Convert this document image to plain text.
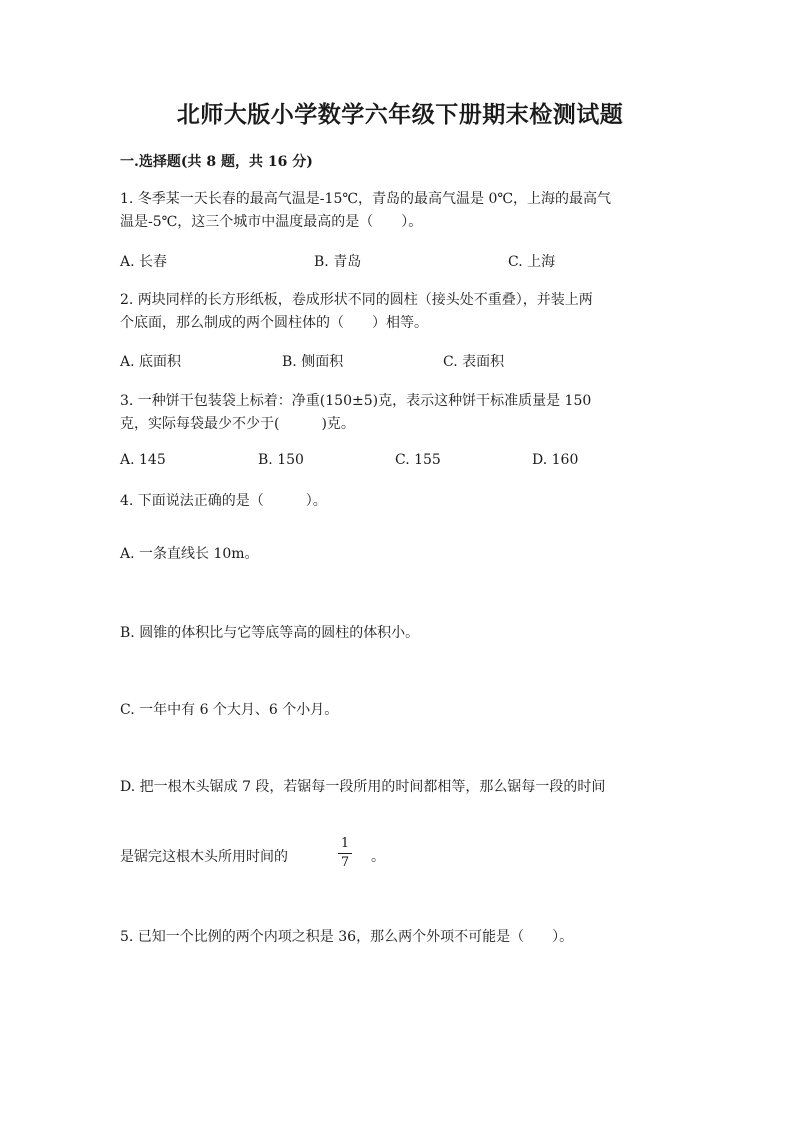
北师大版小学数学六年级下册期末检测试题
一.选择题(共 8 题，共 16 分)
1. 冬季某一天长春的最高气温是-15℃，青岛的最高气温是 0℃，上海的最高气
温是-5℃，这三个城市中温度最高的是（　　）。
A. 长春	B. 青岛	C. 上海
2. 两块同样的长方形纸板，卷成形状不同的圆柱（接头处不重叠），并装上两
个底面，那么制成的两个圆柱体的（　　）相等。
A. 底面积	B. 侧面积	C. 表面积
3. 一种饼干包装袋上标着：净重(150±5)克，表示这种饼干标准质量是 150
克，实际每袋最少不少于(　　　)克。
A. 145	B. 150	C. 155	D. 160
4. 下面说法正确的是（　　　）。
A. 一条直线长 10m。
B. 圆锥的体积比与它等底等高的圆柱的体积小。
C. 一年中有 6 个大月、6 个小月。
D. 把一根木头锯成 7 段，若锯每一段所用的时间都相等，那么锯每一段的时间
是锯完这根木头所用时间的
1
7 。
5. 已知一个比例的两个内项之积是 36，那么两个外项不可能是（　　）。
